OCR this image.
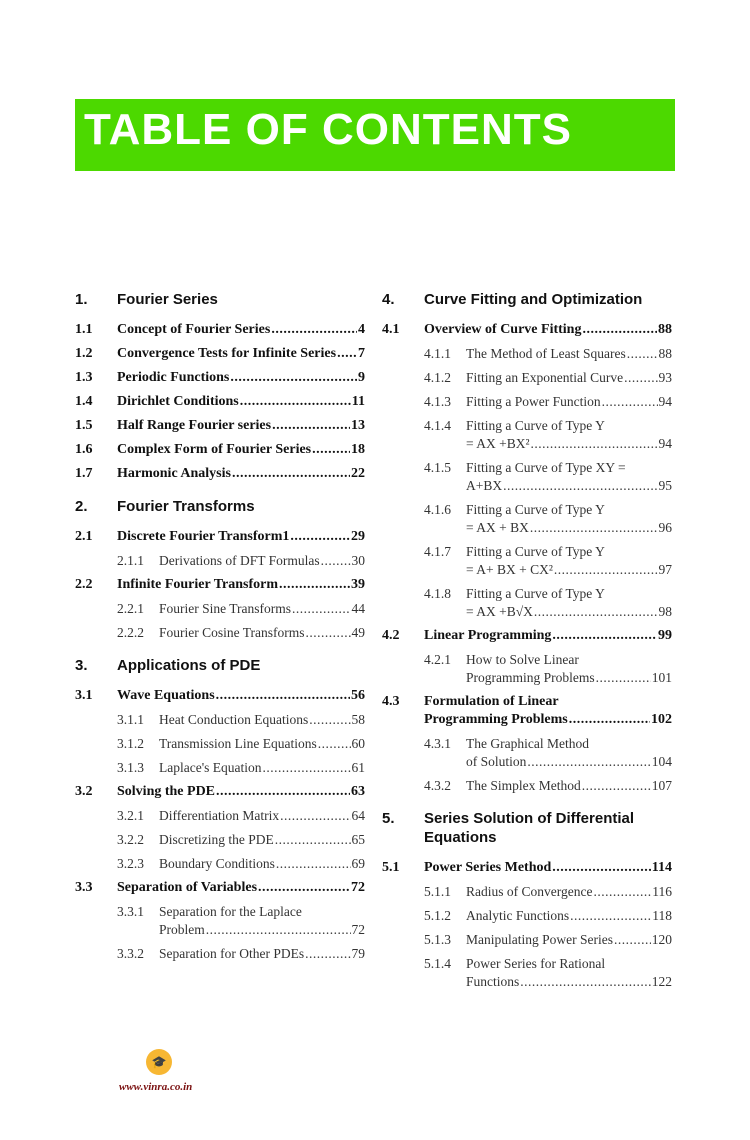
TABLE OF CONTENTS
1.	Fourier Series
1.1	Concept of Fourier Series .....	4
1.2	Convergence Tests for Infinite Series ..... 7
1.3	Periodic Functions .....	9
1.4	Dirichlet Conditions .....	11
1.5	Half Range Fourier series .....	13
1.6	Complex Form of Fourier Series .....	18
1.7	Harmonic Analysis .....	22
2.	Fourier Transforms
2.1	Discrete Fourier Transform1 .....	29
2.1.1	Derivations of DFT Formulas ..... 30
2.2	Infinite Fourier Transform .....	39
2.2.1	Fourier Sine Transforms .....	44
2.2.2	Fourier Cosine Transforms .....	49
3.	Applications of PDE
3.1	Wave Equations .....	56
3.1.1	Heat Conduction Equations .....	58
3.1.2	Transmission Line Equations .....	60
3.1.3	Laplace's Equation .....	61
3.2	Solving the PDE .....	63
3.2.1	Differentiation Matrix .....	64
3.2.2	Discretizing the PDE .....	65
3.2.3	Boundary Conditions .....	69
3.3	Separation of Variables .....	72
3.3.1	Separation for the Laplace
Problem .....	72
3.3.2	Separation for Other PDEs .....	79
4.	Curve Fitting and Optimization
4.1	Overview of Curve Fitting .....	88
4.1.1	The Method of Least Squares ..... 88
4.1.2	Fitting an Exponential Curve .....	93
4.1.3	Fitting a Power Function .....	94
4.1.4	Fitting a Curve of Type Y
= AX +BX² .....	94
4.1.5	Fitting a Curve of Type XY =
A+BX .....	95
4.1.6	Fitting a Curve of Type Y
= AX + BX .....	96
4.1.7	Fitting a Curve of Type Y
= A+ BX + CX² .....	97
4.1.8	Fitting a Curve of Type Y
= AX +B√X .....	98
4.2	Linear Programming .....	99
4.2.1	How to Solve Linear
Programming Problems .....	101
4.3	Formulation of Linear
Programming Problems .....	102
4.3.1	The Graphical Method
of Solution .....	104
4.3.2	The Simplex Method .....	107
5.	Series Solution of Differential
Equations
5.1	Power Series Method .....	114
5.1.1	Radius of Convergence .....	116
5.1.2	Analytic Functions .....	118
5.1.3	Manipulating Power Series .....	120
5.1.4	Power Series for Rational
Functions .....	122
🎓
www.vinra.co.in
